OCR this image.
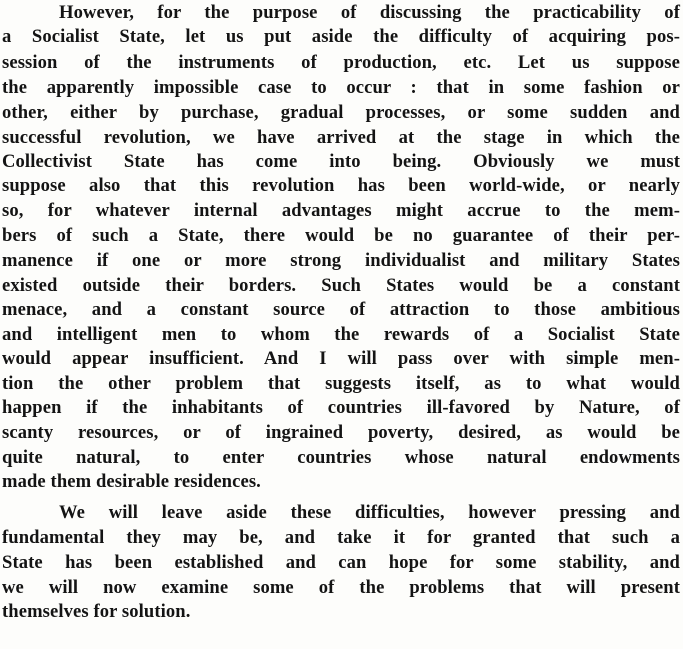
However, for the purpose of discussing the practicability of
a Socialist State, let us put aside the difficulty of acquiring pos-
session of the instruments of production, etc. Let us suppose
the apparently impossible case to occur : that in some fashion or
other, either by purchase, gradual processes, or some sudden and
successful revolution, we have arrived at the stage in which the
Collectivist State has come into being. Obviously we must
suppose also that this revolution has been world-wide, or nearly
so, for whatever internal advantages might accrue to the mem-
bers of such a State, there would be no guarantee of their per-
manence if one or more strong individualist and military States
existed outside their borders. Such States would be a constant
menace, and a constant source of attraction to those ambitious
and intelligent men to whom the rewards of a Socialist State
would appear insufficient. And I will pass over with simple men-
tion the other problem that suggests itself, as to what would
happen if the inhabitants of countries ill-favored by Nature, of
scanty resources, or of ingrained poverty, desired, as would be
quite natural, to enter countries whose natural endowments
made them desirable residences.
We will leave aside these difficulties, however pressing and
fundamental they may be, and take it for granted that such a
State has been established and can hope for some stability, and
we will now examine some of the problems that will present
themselves for solution.
